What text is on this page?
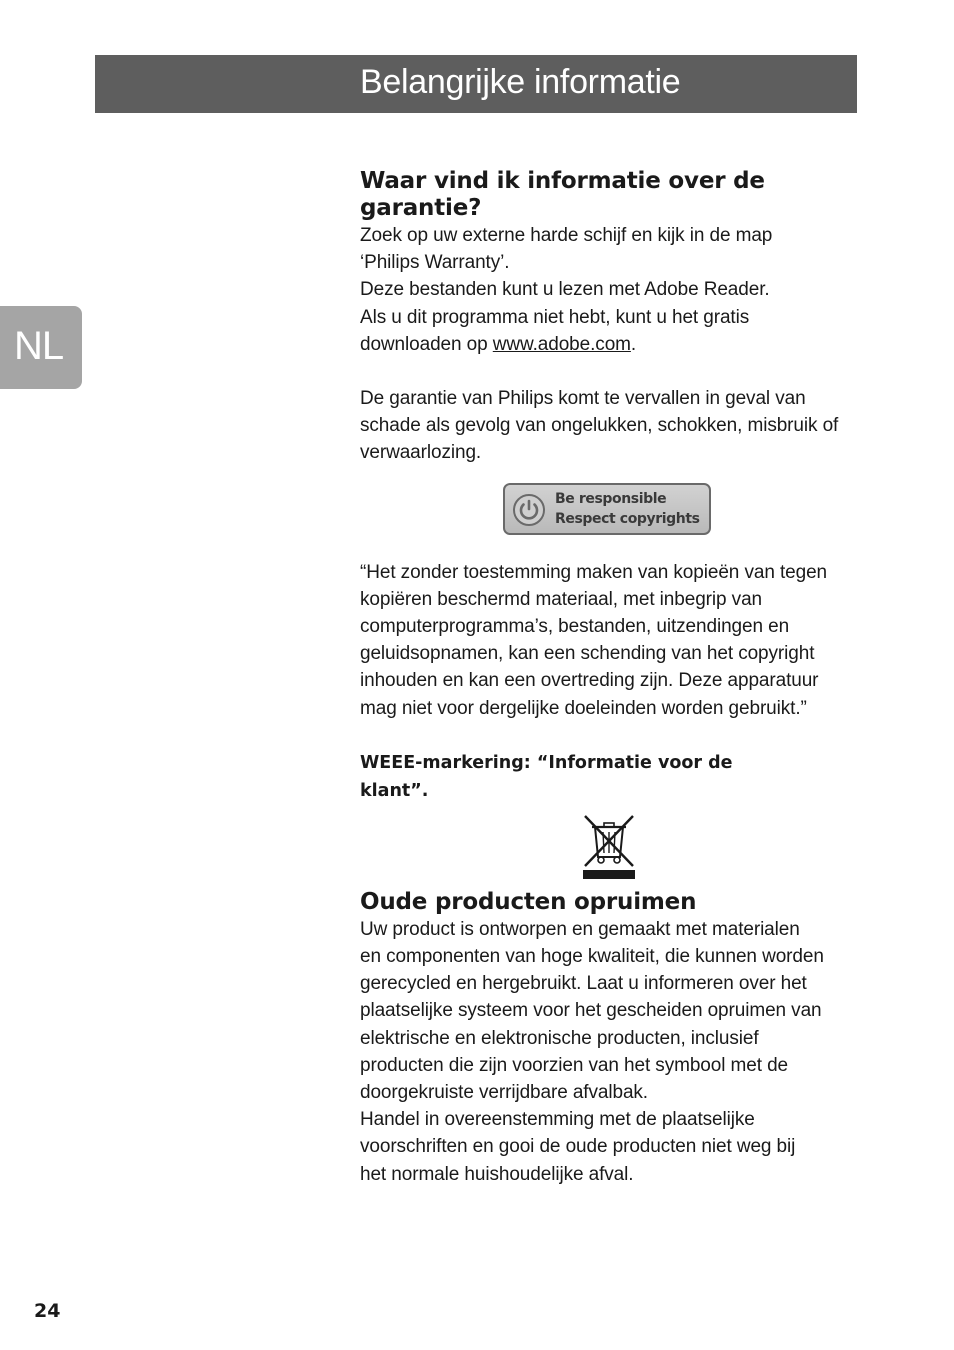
Belangrijke informatie
NL
Waar vind ik informatie over de garantie?

Zoek op uw externe harde schijf en kijk in de map

‘Philips Warranty’.

Deze bestanden kunt u lezen met Adobe Reader.

Als u dit programma niet hebt, kunt u het gratis

downloaden op www.adobe.com.

De garantie van Philips komt te vervallen in geval van

schade als gevolg van ongelukken, schokken, misbruik of

verwaarlozing.

Be responsible
Respect copyrights

“Het zonder toestemming maken van kopieën van tegen

kopiëren beschermd materiaal, met inbegrip van

computerprogramma’s, bestanden, uitzendingen en

geluidsopnamen, kan een schending van het copyright

inhouden en kan een overtreding zijn. Deze apparatuur

mag niet voor dergelijke doeleinden worden gebruikt.”

WEEE-markering: “Informatie voor de

klant”.

Oude producten opruimen

Uw product is ontworpen en gemaakt met materialen

en componenten van hoge kwaliteit, die kunnen worden

gerecycled en hergebruikt. Laat u informeren over het

plaatselijke systeem voor het gescheiden opruimen van

elektrische en elektronische producten, inclusief

producten die zijn voorzien van het symbool met de

doorgekruiste verrijdbare afvalbak.

Handel in overeenstemming met de plaatselijke

voorschriften en gooi de oude producten niet weg bij

het normale huishoudelijke afval.

24
